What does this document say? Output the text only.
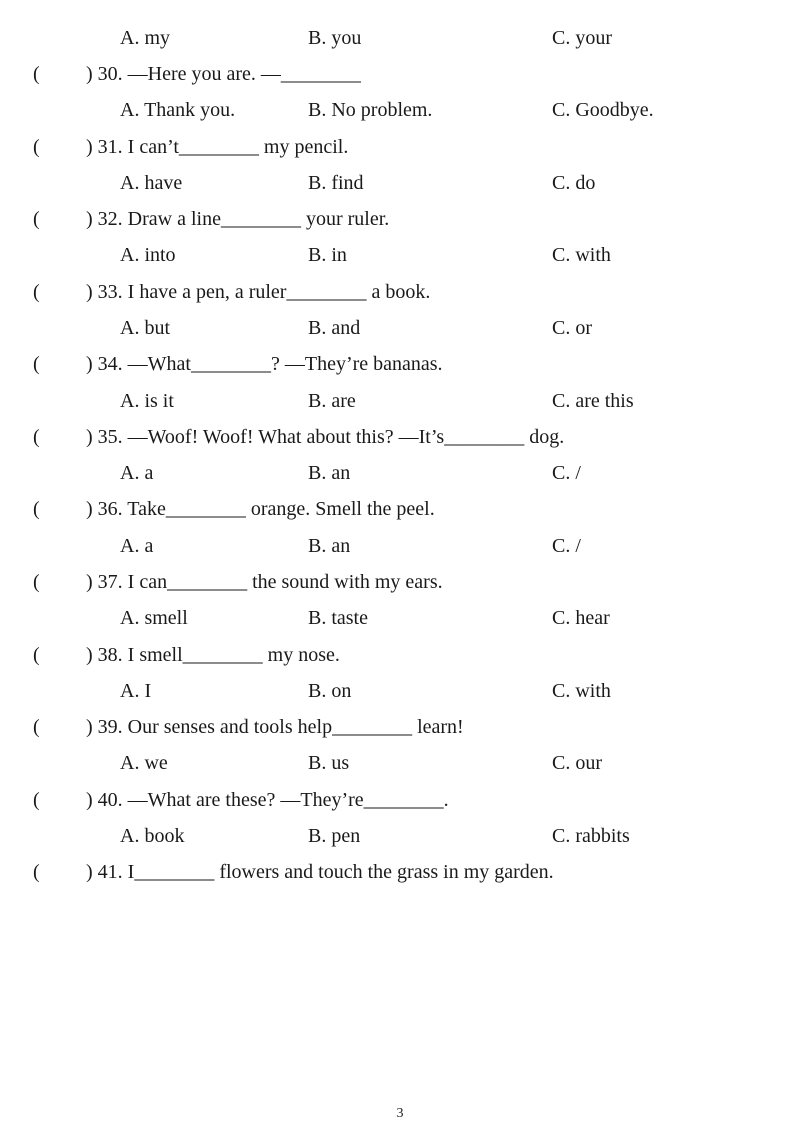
A. my	B. you	C. your
( ) 30. —Here you are. —________
A. Thank you.	B. No problem.	C. Goodbye.
( ) 31. I can’t________ my pencil.
A. have	B. find	C. do
( ) 32. Draw a line________ your ruler.
A. into	B. in	C. with
( ) 33. I have a pen, a ruler________ a book.
A. but	B. and	C. or
( ) 34. —What________? —They’re bananas.
A. is it	B. are	C. are this
( ) 35. —Woof! Woof! What about this? —It’s________ dog.
A. a	B. an	C. /
( ) 36. Take________ orange. Smell the peel.
A. a	B. an	C. /
( ) 37. I can________ the sound with my ears.
A. smell	B. taste	C. hear
( ) 38. I smell________ my nose.
A. I	B. on	C. with
( ) 39. Our senses and tools help________ learn!
A. we	B. us	C. our
( ) 40. —What are these? —They’re________.
A. book	B. pen	C. rabbits
( ) 41. I________ flowers and touch the grass in my garden.
3
